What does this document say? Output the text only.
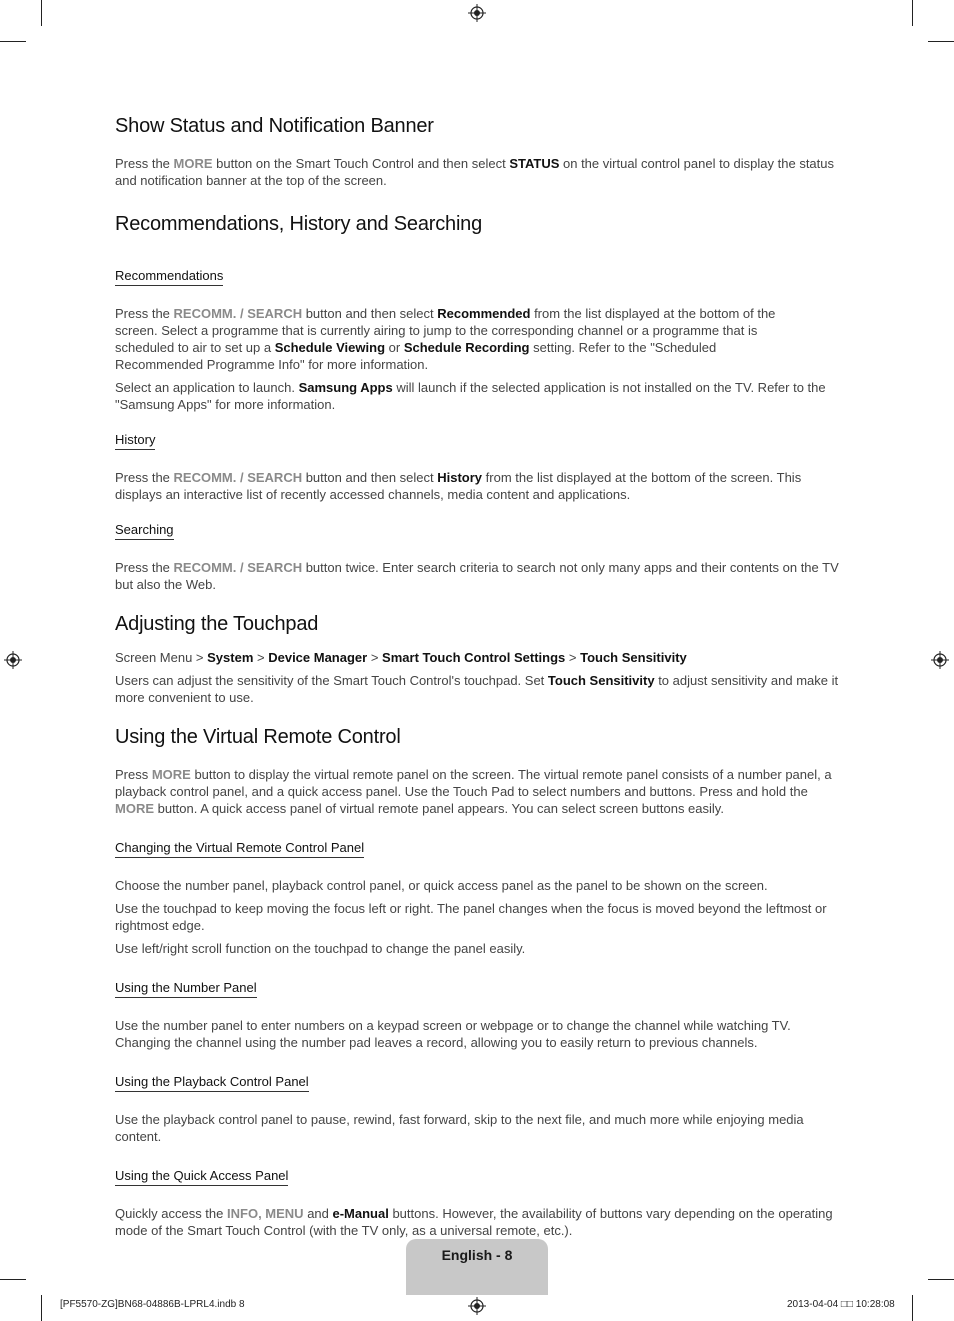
Show Status and Notification Banner

Press the MORE button on the Smart Touch Control and then select STATUS on the virtual control panel to display the status and notification banner at the top of the screen.

Recommendations, History and Searching
Recommendations

Press the RECOMM. / SEARCH button and then select Recommended from the list displayed at the bottom of the screen. Select a programme that is currently airing to jump to the corresponding channel or a programme that is scheduled to air to set up a Schedule Viewing or Schedule Recording setting. Refer to the "Scheduled Recommended Programme Info" for more information.

Select an application to launch. Samsung Apps will launch if the selected application is not installed on the TV. Refer to the "Samsung Apps" for more information.

History

Press the RECOMM. / SEARCH button and then select History from the list displayed at the bottom of the screen. This displays an interactive list of recently accessed channels, media content and applications.

Searching

Press the RECOMM. / SEARCH button twice. Enter search criteria to search not only many apps and their contents on the TV but also the Web.

Adjusting the Touchpad

Screen Menu > System > Device Manager > Smart Touch Control Settings > Touch Sensitivity

Users can adjust the sensitivity of the Smart Touch Control's touchpad. Set Touch Sensitivity to adjust sensitivity and make it more convenient to use.

Using the Virtual Remote Control

Press MORE button to display the virtual remote panel on the screen. The virtual remote panel consists of a number panel, a playback control panel, and a quick access panel. Use the Touch Pad to select numbers and buttons. Press and hold the MORE button. A quick access panel of virtual remote panel appears. You can select screen buttons easily.

Changing the Virtual Remote Control Panel

Choose the number panel, playback control panel, or quick access panel as the panel to be shown on the screen.

Use the touchpad to keep moving the focus left or right. The panel changes when the focus is moved beyond the leftmost or rightmost edge.

Use left/right scroll function on the touchpad to change the panel easily.

Using the Number Panel

Use the number panel to enter numbers on a keypad screen or webpage or to change the channel while watching TV. Changing the channel using the number pad leaves a record, allowing you to easily return to previous channels.

Using the Playback Control Panel

Use the playback control panel to pause, rewind, fast forward, skip to the next file, and much more while enjoying media content.

Using the Quick Access Panel

Quickly access the INFO, MENU and e-Manual buttons. However, the availability of buttons vary depending on the operating mode of the Smart Touch Control (with the TV only, as a universal remote, etc.).

English - 8
[PF5570-ZG]BN68-04886B-LPRL4.indb 8	2013-04-04 □□ 10:28:08
